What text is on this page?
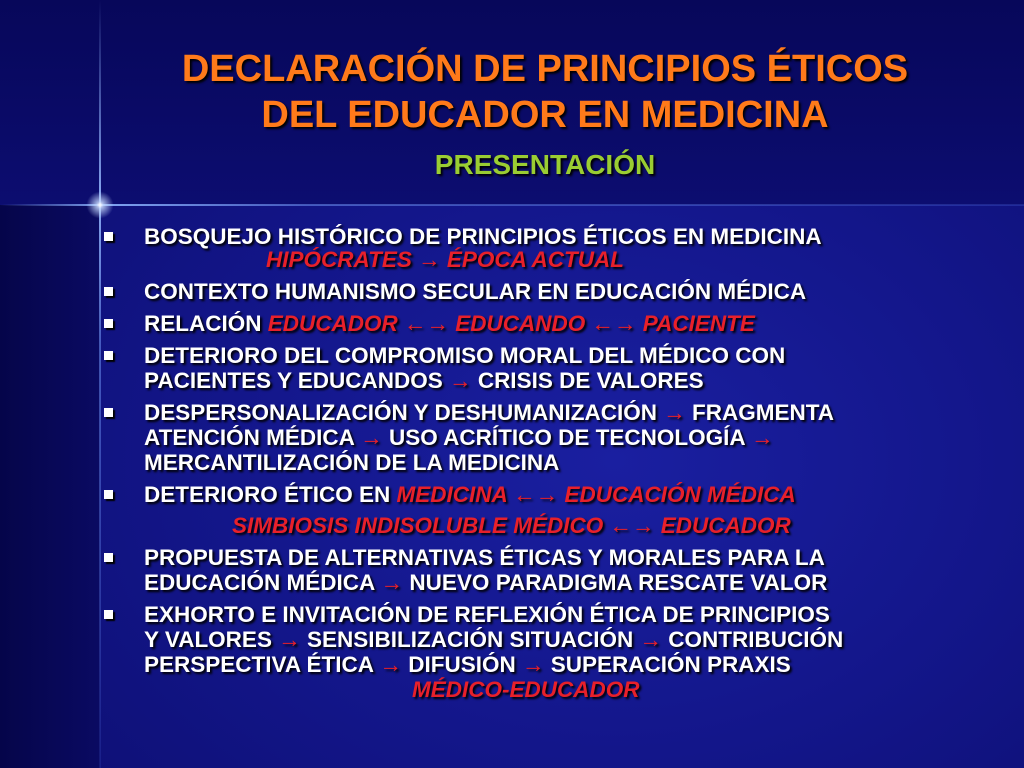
DECLARACIÓN DE PRINCIPIOS ÉTICOS
DEL EDUCADOR EN MEDICINA
PRESENTACIÓN
BOSQUEJO HISTÓRICO DE PRINCIPIOS ÉTICOS EN MEDICINA
HIPÓCRATES → ÉPOCA ACTUAL
CONTEXTO HUMANISMO SECULAR EN EDUCACIÓN MÉDICA
RELACIÓN EDUCADOR ←→ EDUCANDO ←→ PACIENTE
DETERIORO DEL COMPROMISO MORAL DEL MÉDICO CON
PACIENTES Y EDUCANDOS → CRISIS DE VALORES
DESPERSONALIZACIÓN Y DESHUMANIZACIÓN → FRAGMENTA
ATENCIÓN MÉDICA → USO ACRÍTICO DE TECNOLOGÍA →
MERCANTILIZACIÓN DE LA MEDICINA
DETERIORO ÉTICO EN MEDICINA ←→ EDUCACIÓN MÉDICA
SIMBIOSIS INDISOLUBLE MÉDICO ←→ EDUCADOR
PROPUESTA DE ALTERNATIVAS ÉTICAS Y MORALES PARA LA
EDUCACIÓN MÉDICA → NUEVO PARADIGMA RESCATE VALOR
EXHORTO E INVITACIÓN DE REFLEXIÓN ÉTICA DE PRINCIPIOS
Y VALORES → SENSIBILIZACIÓN SITUACIÓN → CONTRIBUCIÓN
PERSPECTIVA ÉTICA → DIFUSIÓN → SUPERACIÓN PRAXIS
MÉDICO-EDUCADOR
